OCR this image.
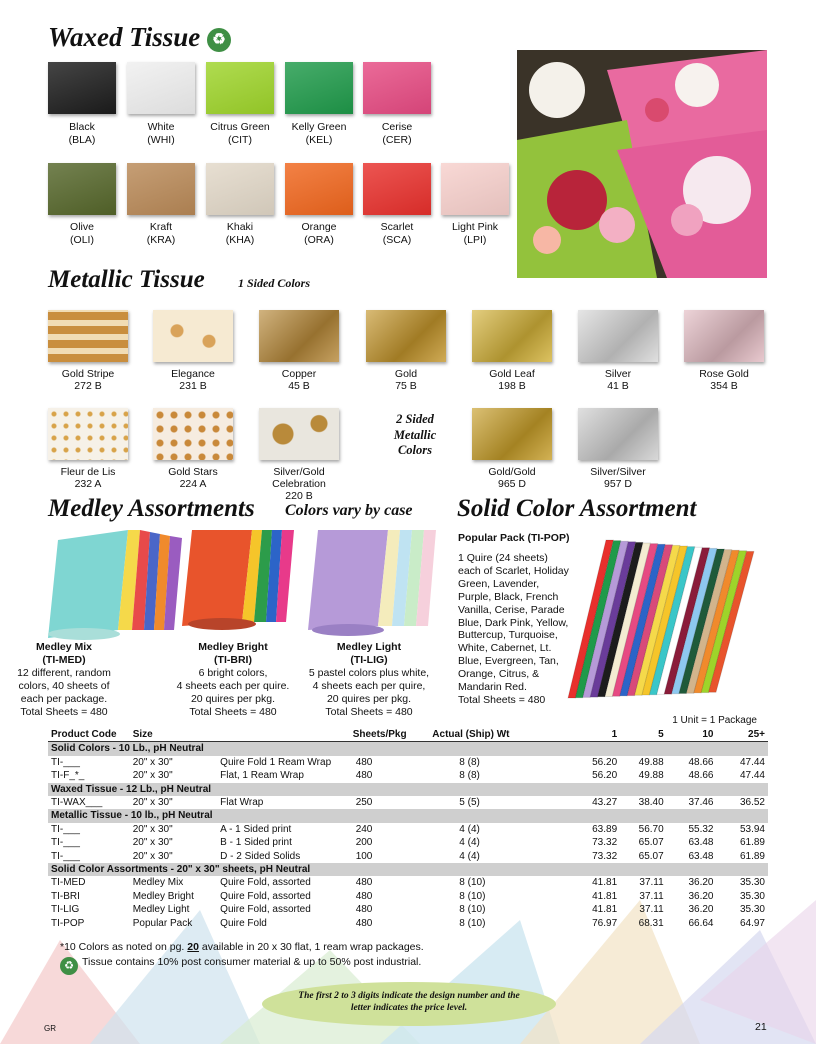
Waxed Tissue ♻
Black
(BLA)
White
(WHI)
Citrus Green
(CIT)
Kelly Green
(KEL)
Cerise
(CER)
Olive
(OLI)
Kraft
(KRA)
Khaki
(KHA)
Orange
(ORA)
Scarlet
(SCA)
Light Pink
(LPI)
Metallic Tissue	1 Sided Colors
Gold Stripe
272 B
Elegance
231 B
Copper
45 B
Gold
75 B
Gold Leaf
198 B
Silver
41 B
Rose Gold
354 B
Fleur de Lis
232 A
Gold Stars
224 A
Silver/Gold
Celebration
220 B
Gold/Gold
965 D
Silver/Silver
957 D
2 Sided
Metallic
Colors
Medley Assortments Colors vary by case
Medley Mix
(TI-MED)
12 different, random
colors, 40 sheets of
each per package.
Total Sheets = 480
Medley Bright
(TI-BRI)
6 bright colors,
4 sheets each per quire.
20 quires per pkg.
Total Sheets = 480
Medley Light
(TI-LIG)
5 pastel colors plus white,
4 sheets each per quire,
20 quires per pkg.
Total Sheets = 480
Solid Color Assortment
Popular Pack (TI-POP)
1 Quire (24 sheets)
each of Scarlet, Holiday
Green, Lavender,
Purple, Black, French
Vanilla, Cerise, Parade
Blue, Dark Pink, Yellow,
Buttercup, Turquoise,
White, Cabernet, Lt.
Blue, Evergreen, Tan,
Orange, Citrus, &
Mandarin Red.
Total Sheets = 480
1 Unit = 1 Package
Product Code	Size		Sheets/Pkg	Actual (Ship) Wt	1	5	10	25+
Solid Colors - 10 Lb., pH Neutral								
TI-___	20" x 30"	Quire Fold 1 Ream Wrap	480	8 (8)	56.20	49.88	48.66	47.44
TI-F_*_	20" x 30"	Flat, 1 Ream Wrap	480	8 (8)	56.20	49.88	48.66	47.44
Waxed Tissue - 12 Lb., pH Neutral								
TI-WAX___	20" x 30"	Flat Wrap	250	5 (5)	43.27	38.40	37.46	36.52
Metallic Tissue - 10 lb., pH Neutral								
TI-___	20" x 30"	A - 1 Sided print	240	4 (4)	63.89	56.70	55.32	53.94
TI-___	20" x 30"	B - 1 Sided print	200	4 (4)	73.32	65.07	63.48	61.89
TI-___	20" x 30"	D - 2 Sided Solids	100	4 (4)	73.32	65.07	63.48	61.89
Solid Color Assortments - 20" x 30" sheets, pH Neutral								
TI-MED	Medley Mix	Quire Fold, assorted	480	8 (10)	41.81	37.11	36.20	35.30
TI-BRI	Medley Bright	Quire Fold, assorted	480	8 (10)	41.81	37.11	36.20	35.30
TI-LIG	Medley Light	Quire Fold, assorted	480	8 (10)	41.81	37.11	36.20	35.30
TI-POP	Popular Pack	Quire Fold	480	8 (10)	76.97	68.31	66.64	64.97
*10 Colors as noted on pg. 20 available in 20 x 30 flat, 1 ream wrap packages.
♻ Tissue contains 10% post consumer material & up to 50% post industrial.
The first 2 to 3 digits indicate the design number and the
letter indicates the price level.
GR	21
